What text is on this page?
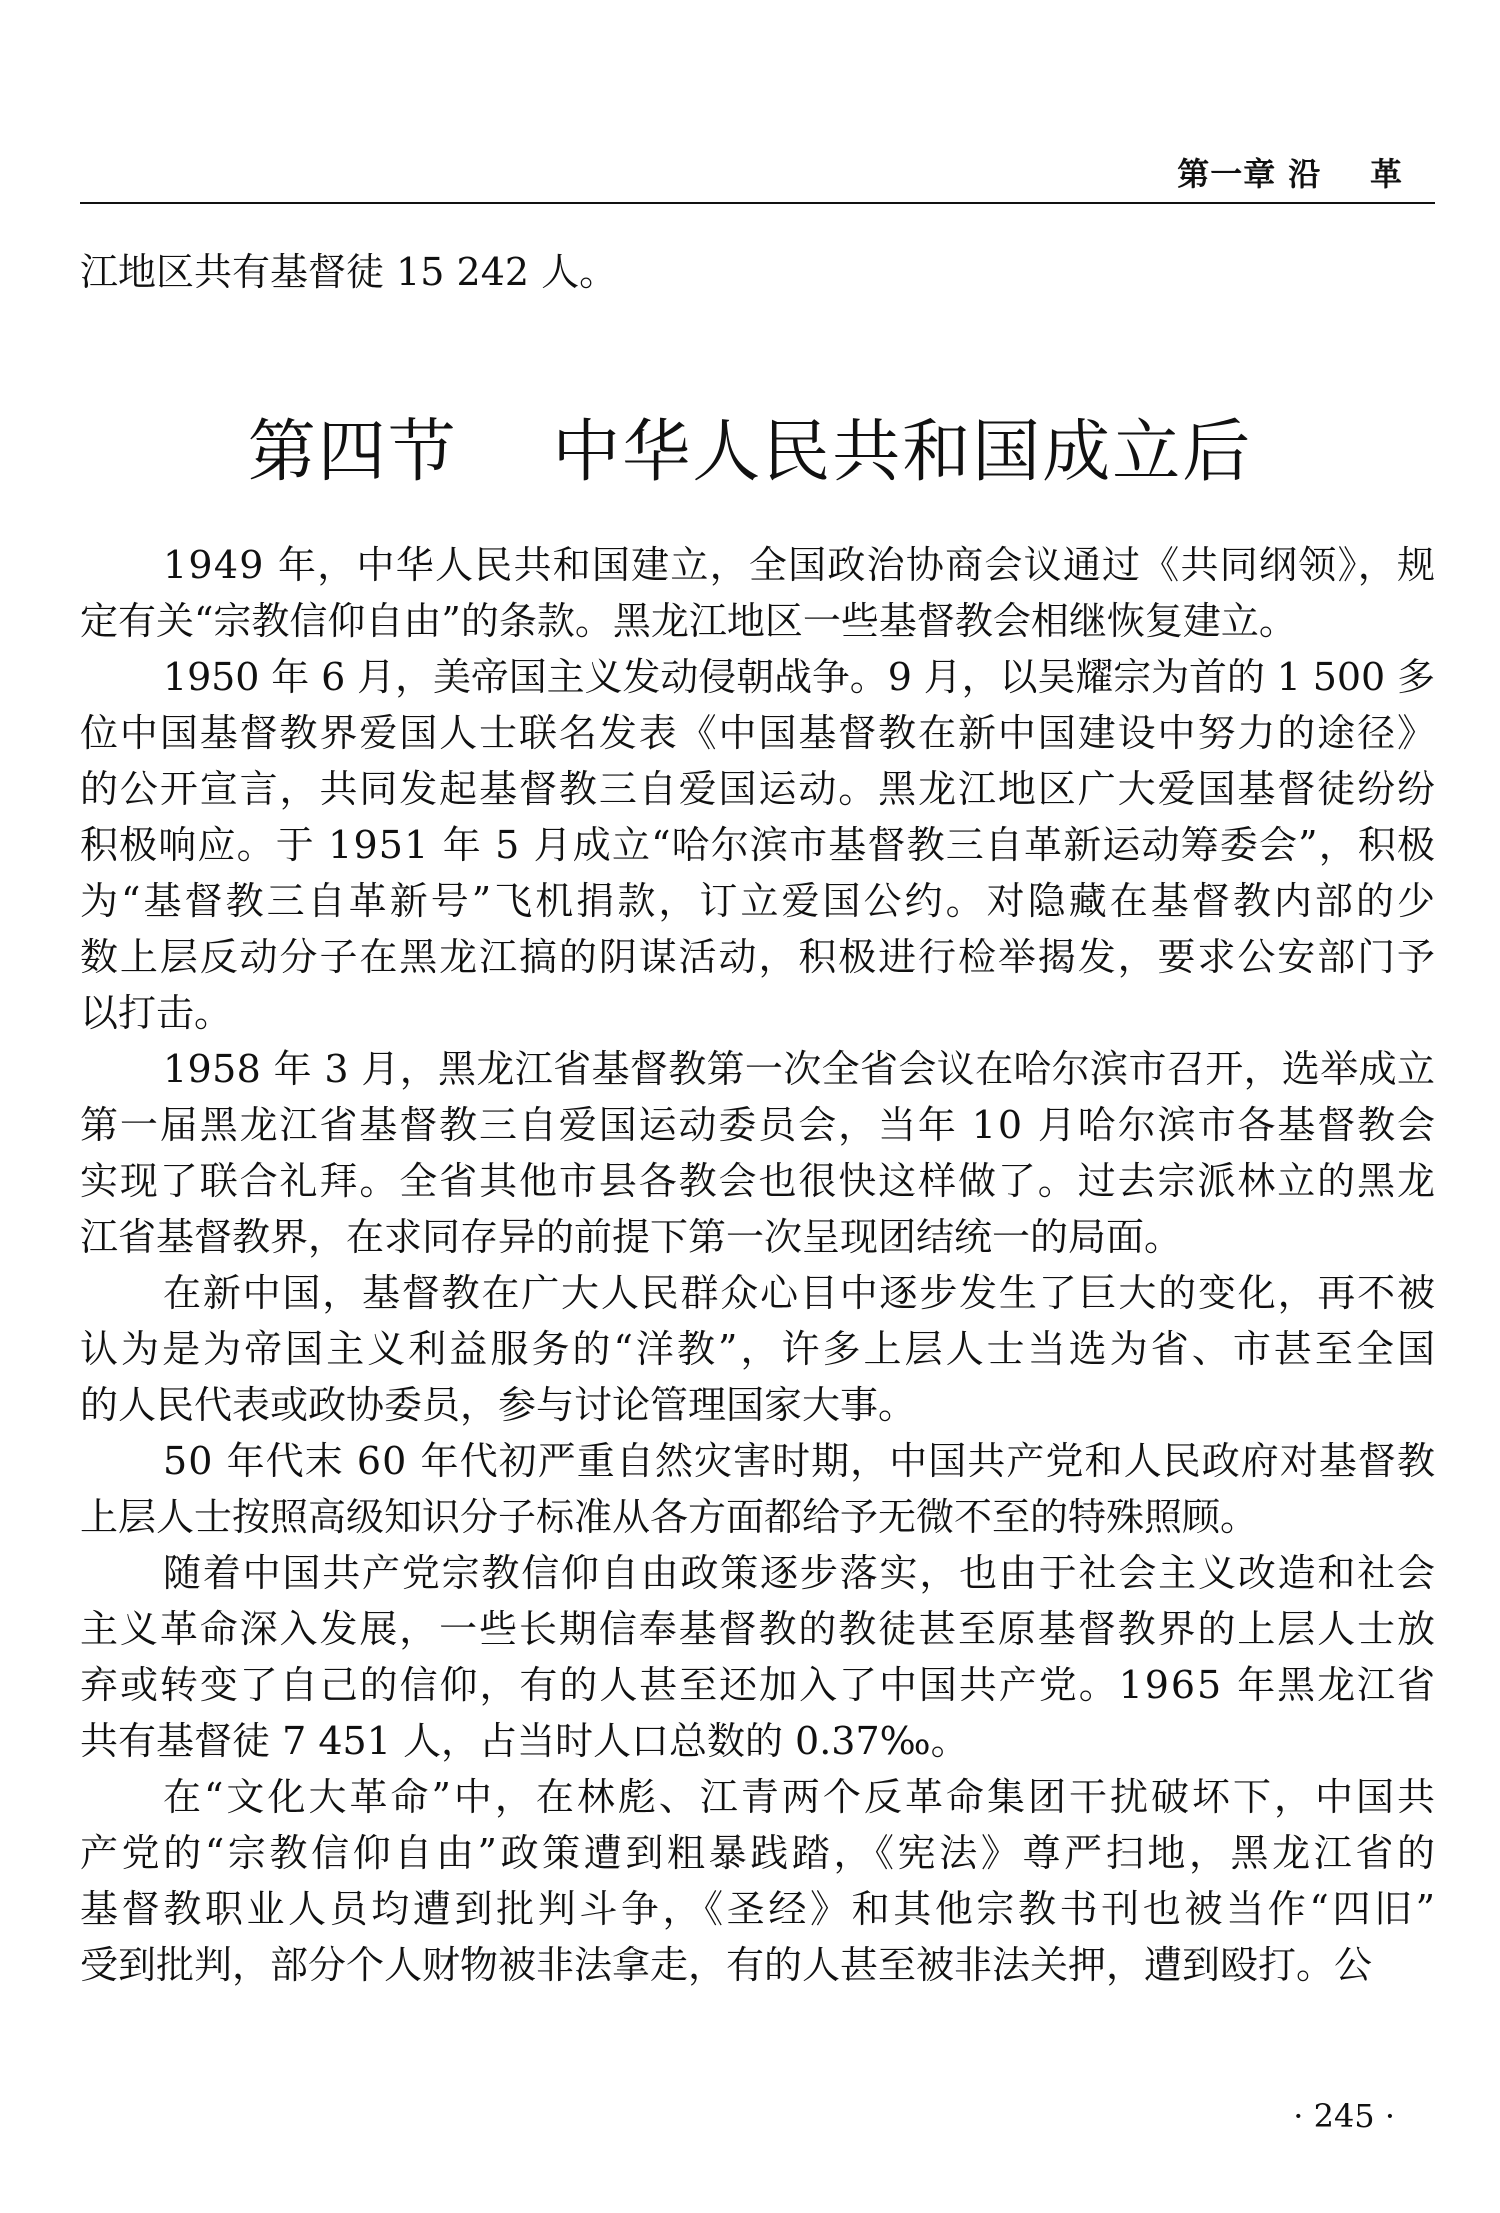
第一章 沿    革

江地区共有基督徒 15 242 人。

第四节    中华人民共和国成立后

1949 年，中华人民共和国建立，全国政治协商会议通过《共同纲领》，规

定有关“宗教信仰自由”的条款。黑龙江地区一些基督教会相继恢复建立。

1950 年 6 月，美帝国主义发动侵朝战争。9 月，以吴耀宗为首的 1 500 多

位中国基督教界爱国人士联名发表《中国基督教在新中国建设中努力的途径》

的公开宣言，共同发起基督教三自爱国运动。黑龙江地区广大爱国基督徒纷纷

积极响应。于 1951 年 5 月成立“哈尔滨市基督教三自革新运动筹委会”，积极

为“基督教三自革新号”飞机捐款，订立爱国公约。对隐藏在基督教内部的少

数上层反动分子在黑龙江搞的阴谋活动，积极进行检举揭发，要求公安部门予

以打击。

1958 年 3 月，黑龙江省基督教第一次全省会议在哈尔滨市召开，选举成立

第一届黑龙江省基督教三自爱国运动委员会，当年 10 月哈尔滨市各基督教会

实现了联合礼拜。全省其他市县各教会也很快这样做了。过去宗派林立的黑龙

江省基督教界，在求同存异的前提下第一次呈现团结统一的局面。

在新中国，基督教在广大人民群众心目中逐步发生了巨大的变化，再不被

认为是为帝国主义利益服务的“洋教”，许多上层人士当选为省、市甚至全国

的人民代表或政协委员，参与讨论管理国家大事。

50 年代末 60 年代初严重自然灾害时期，中国共产党和人民政府对基督教

上层人士按照高级知识分子标准从各方面都给予无微不至的特殊照顾。

随着中国共产党宗教信仰自由政策逐步落实，也由于社会主义改造和社会

主义革命深入发展，一些长期信奉基督教的教徒甚至原基督教界的上层人士放

弃或转变了自己的信仰，有的人甚至还加入了中国共产党。1965 年黑龙江省

共有基督徒 7 451 人，占当时人口总数的 0.37‰。

在“文化大革命”中，在林彪、江青两个反革命集团干扰破坏下，中国共

产党的“宗教信仰自由”政策遭到粗暴践踏，《宪法》尊严扫地，黑龙江省的

基督教职业人员均遭到批判斗争，《圣经》和其他宗教书刊也被当作“四旧”

受到批判，部分个人财物被非法拿走，有的人甚至被非法关押，遭到殴打。公

· 245 ·
